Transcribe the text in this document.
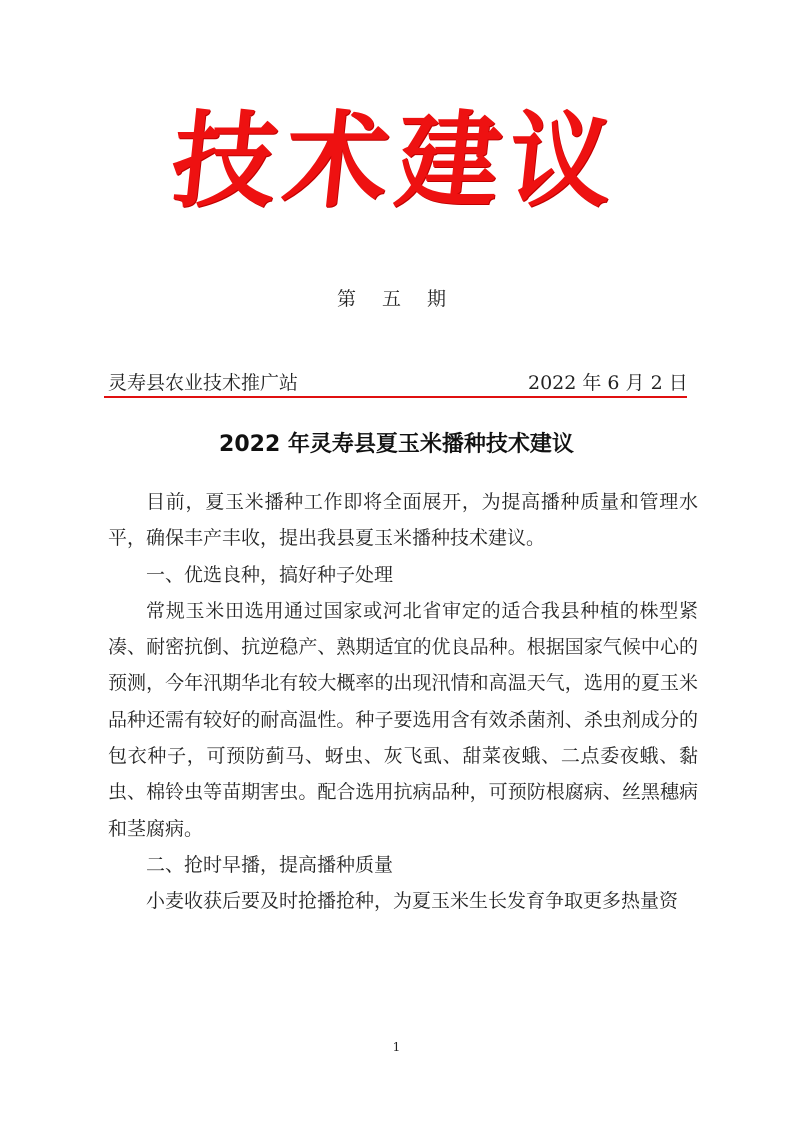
技术建议
第 五 期
灵寿县农业技术推广站	2022 年 6 月 2 日
2022 年灵寿县夏玉米播种技术建议

目前，夏玉米播种工作即将全面展开，为提高播种质量和管理水平，确保丰产丰收，提出我县夏玉米播种技术建议。

一、优选良种，搞好种子处理

常规玉米田选用通过国家或河北省审定的适合我县种植的株型紧凑、耐密抗倒、抗逆稳产、熟期适宜的优良品种。根据国家气候中心的预测，今年汛期华北有较大概率的出现汛情和高温天气，选用的夏玉米品种还需有较好的耐高温性。种子要选用含有效杀菌剂、杀虫剂成分的包衣种子，可预防蓟马、蚜虫、灰飞虱、甜菜夜蛾、二点委夜蛾、黏虫、棉铃虫等苗期害虫。配合选用抗病品种，可预防根腐病、丝黑穗病和茎腐病。

二、抢时早播，提高播种质量

小麦收获后要及时抢播抢种，为夏玉米生长发育争取更多热量资

1
